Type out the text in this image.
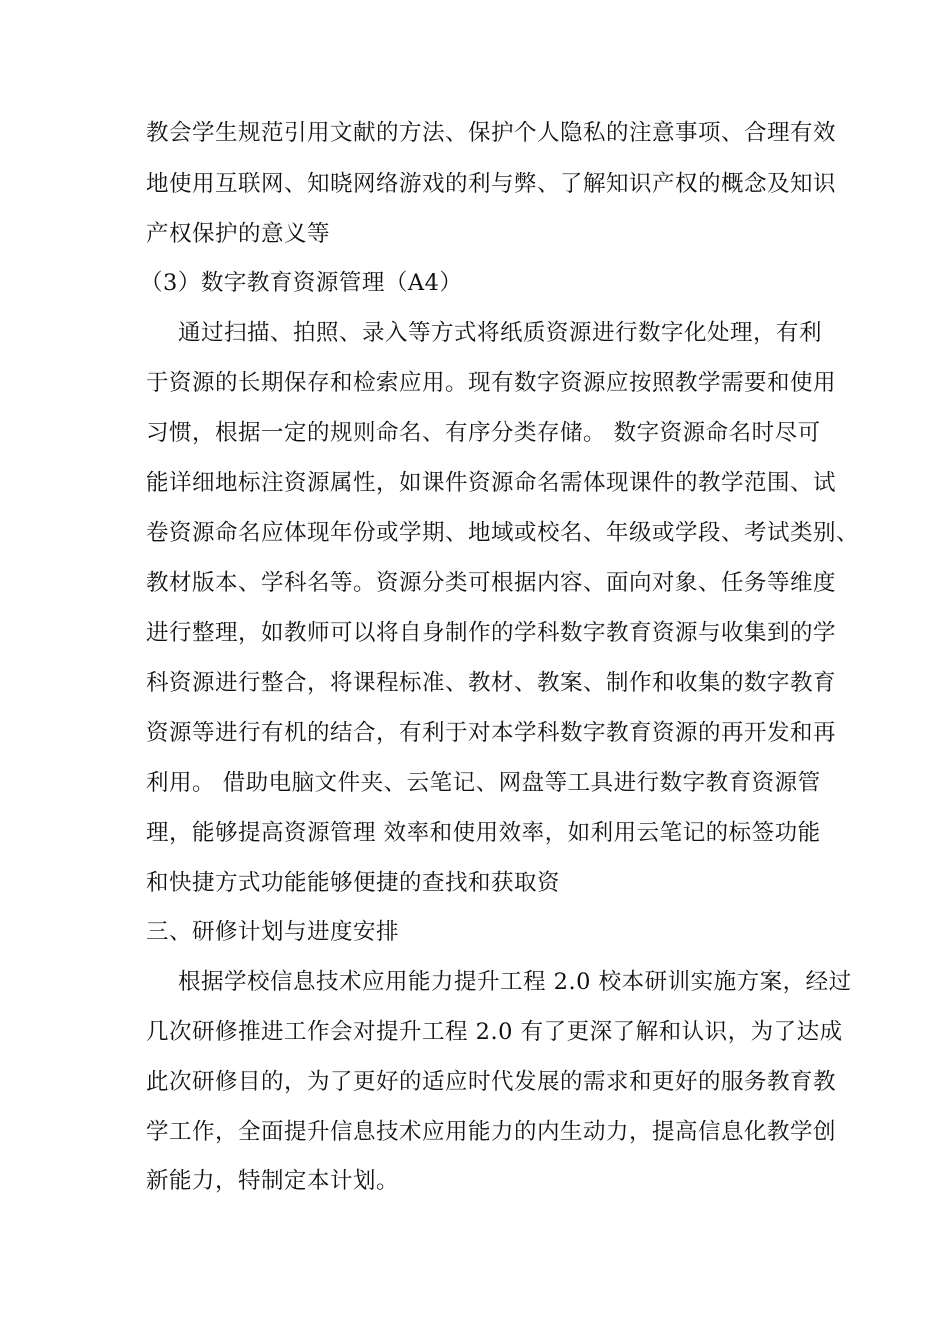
教会学生规范引用文献的方法、保护个人隐私的注意事项、合理有效
地使用互联网、知晓网络游戏的利与弊、了解知识产权的概念及知识
产权保护的意义等
（3）数字教育资源管理（A4）
通过扫描、拍照、录入等方式将纸质资源进行数字化处理，有利
于资源的长期保存和检索应用。现有数字资源应按照教学需要和使用
习惯，根据一定的规则命名、有序分类存储。 数字资源命名时尽可
能详细地标注资源属性，如课件资源命名需体现课件的教学范围、试
卷资源命名应体现年份或学期、地域或校名、年级或学段、考试类别、
教材版本、学科名等。资源分类可根据内容、面向对象、任务等维度
进行整理，如教师可以将自身制作的学科数字教育资源与收集到的学
科资源进行整合，将课程标准、教材、教案、制作和收集的数字教育
资源等进行有机的结合，有利于对本学科数字教育资源的再开发和再
利用。 借助电脑文件夹、云笔记、网盘等工具进行数字教育资源管
理，能够提高资源管理 效率和使用效率，如利用云笔记的标签功能
和快捷方式功能能够便捷的查找和获取资
三、研修计划与进度安排
根据学校信息技术应用能力提升工程 2.0 校本研训实施方案，经过
几次研修推进工作会对提升工程 2.0 有了更深了解和认识，为了达成
此次研修目的，为了更好的适应时代发展的需求和更好的服务教育教
学工作，全面提升信息技术应用能力的内生动力，提高信息化教学创
新能力，特制定本计划。
